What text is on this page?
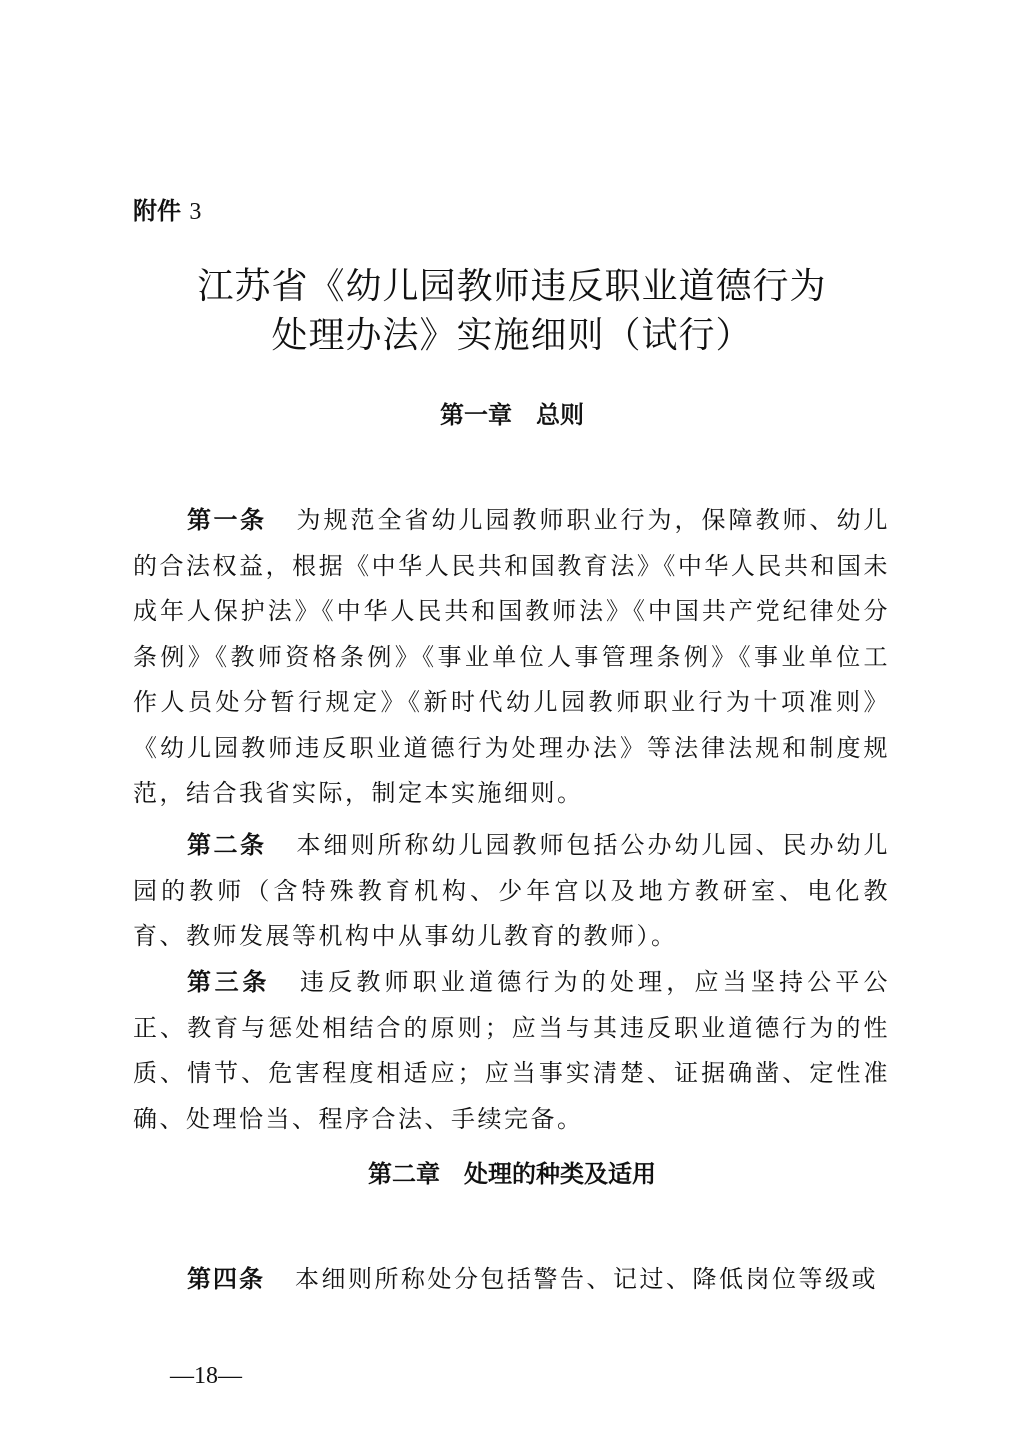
附件 3
江苏省《幼儿园教师违反职业道德行为
处理办法》实施细则（试行）
第一章　总则

第一条 为规范全省幼儿园教师职业行为，保障教师、幼儿的合法权益，根据《中华人民共和国教育法》《中华人民共和国未成年人保护法》《中华人民共和国教师法》《中国共产党纪律处分条例》《教师资格条例》《事业单位人事管理条例》《事业单位工作人员处分暂行规定》《新时代幼儿园教师职业行为十项准则》《幼儿园教师违反职业道德行为处理办法》等法律法规和制度规范，结合我省实际，制定本实施细则。

第二条 本细则所称幼儿园教师包括公办幼儿园、民办幼儿园的教师（含特殊教育机构、少年宫以及地方教研室、电化教育、教师发展等机构中从事幼儿教育的教师）。

第三条 违反教师职业道德行为的处理，应当坚持公平公正、教育与惩处相结合的原则；应当与其违反职业道德行为的性质、情节、危害程度相适应；应当事实清楚、证据确凿、定性准确、处理恰当、程序合法、手续完备。

第二章　处理的种类及适用

第四条 本细则所称处分包括警告、记过、降低岗位等级或

—18—
